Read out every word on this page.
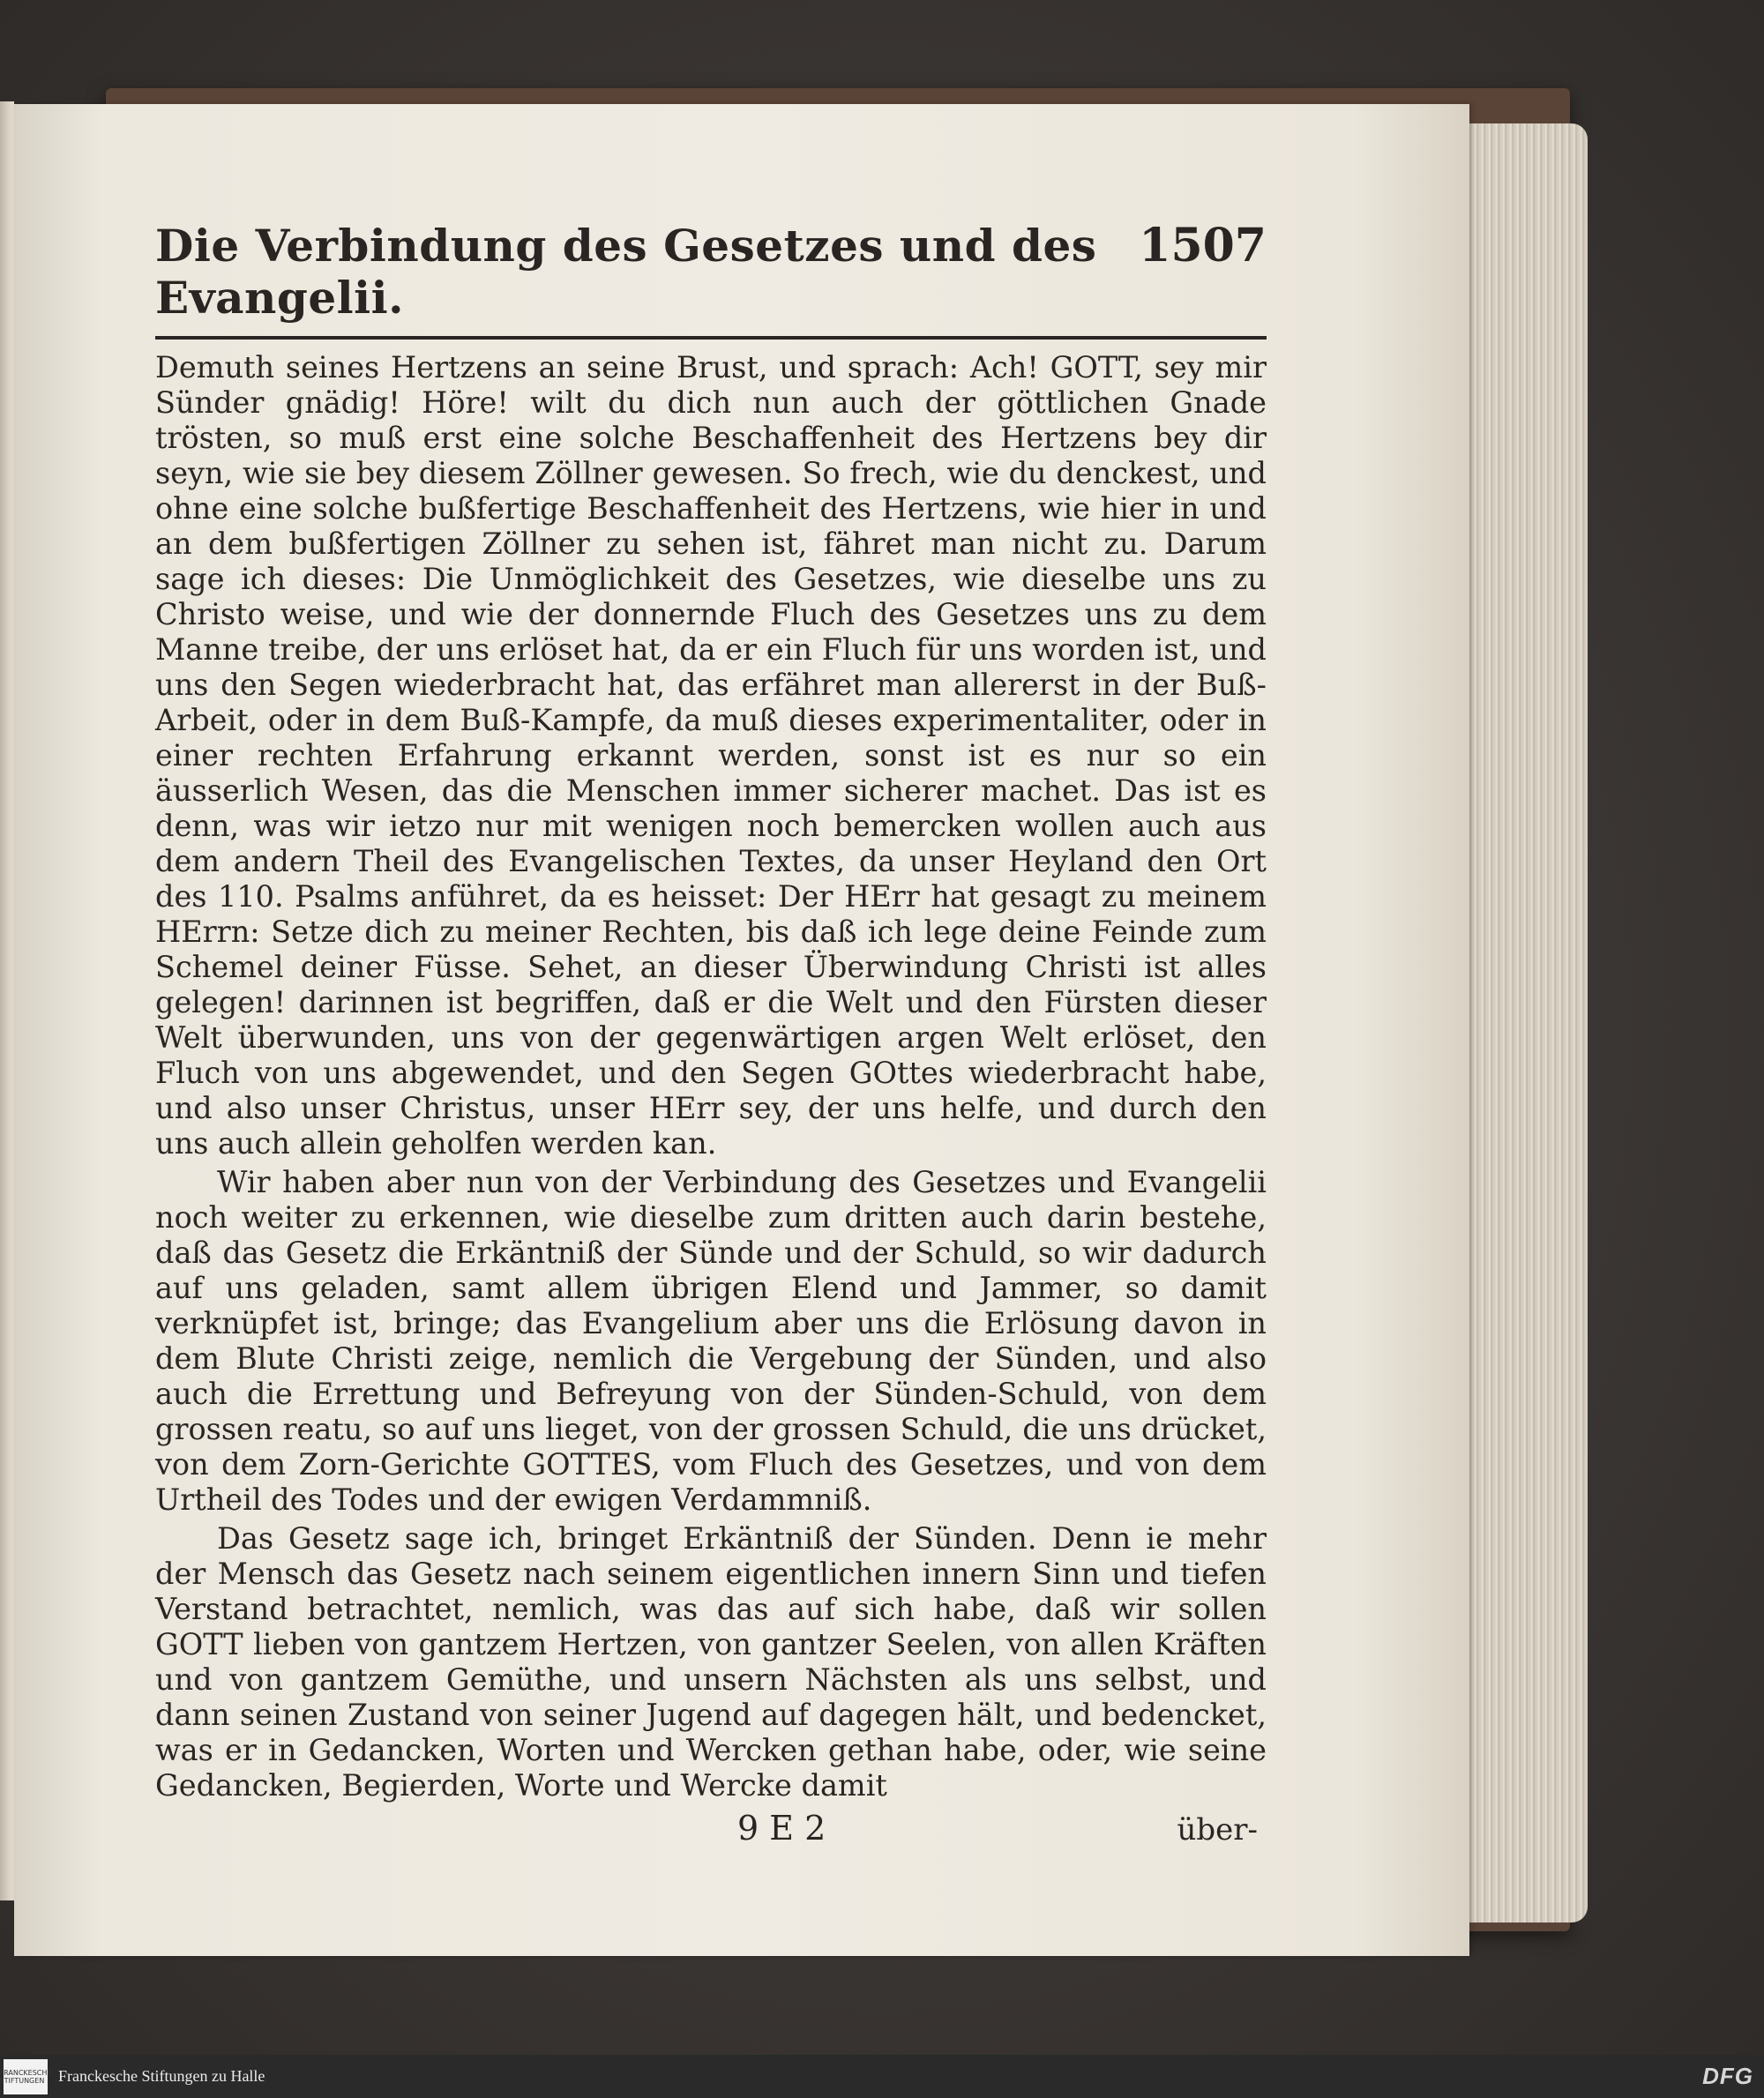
Die Verbindung des Gesetzes und des Evangelii.
1507

Demuth seines Hertzens an seine Brust, und sprach: Ach! GOTT, sey mir Sünder gnädig! Höre! wilt du dich nun auch der göttlichen Gnade trösten, so muß erst eine solche Beschaffenheit des Hertzens bey dir seyn, wie sie bey diesem Zöllner gewesen. So frech, wie du denckest, und ohne eine solche bußfertige Beschaffenheit des Hertzens, wie hier in und an dem bußfertigen Zöllner zu sehen ist, fähret man nicht zu. Darum sage ich dieses: Die Unmöglichkeit des Gesetzes, wie dieselbe uns zu Christo weise, und wie der donnernde Fluch des Gesetzes uns zu dem Manne treibe, der uns erlöset hat, da er ein Fluch für uns worden ist, und uns den Segen wiederbracht hat, das erfähret man allererst in der Buß-Arbeit, oder in dem Buß-Kampfe, da muß dieses experimentaliter, oder in einer rechten Erfahrung erkannt werden, sonst ist es nur so ein äusserlich Wesen, das die Menschen immer sicherer machet. Das ist es denn, was wir ietzo nur mit wenigen noch bemercken wollen auch aus dem andern Theil des Evangelischen Textes, da unser Heyland den Ort des 110. Psalms anführet, da es heisset: Der HErr hat gesagt zu meinem HErrn: Setze dich zu meiner Rechten, bis daß ich lege deine Feinde zum Schemel deiner Füsse. Sehet, an dieser Überwindung Christi ist alles gelegen! darinnen ist begriffen, daß er die Welt und den Fürsten dieser Welt überwunden, uns von der gegenwärtigen argen Welt erlöset, den Fluch von uns abgewendet, und den Segen GOttes wiederbracht habe, und also unser Christus, unser HErr sey, der uns helfe, und durch den uns auch allein geholfen werden kan.

Wir haben aber nun von der Verbindung des Gesetzes und Evangelii noch weiter zu erkennen, wie dieselbe zum dritten auch darin bestehe, daß das Gesetz die Erkäntniß der Sünde und der Schuld, so wir dadurch auf uns geladen, samt allem übrigen Elend und Jammer, so damit verknüpfet ist, bringe; das Evangelium aber uns die Erlösung davon in dem Blute Christi zeige, nemlich die Vergebung der Sünden, und also auch die Errettung und Befreyung von der Sünden-Schuld, von dem grossen reatu, so auf uns lieget, von der grossen Schuld, die uns drücket, von dem Zorn-Gerichte GOTTES, vom Fluch des Gesetzes, und von dem Urtheil des Todes und der ewigen Verdammniß.

Das Gesetz sage ich, bringet Erkäntniß der Sünden. Denn ie mehr der Mensch das Gesetz nach seinem eigentlichen innern Sinn und tiefen Verstand betrachtet, nemlich, was das auf sich habe, daß wir sollen GOTT lieben von gantzem Hertzen, von gantzer Seelen, von allen Kräften und von gantzem Gemüthe, und unsern Nächsten als uns selbst, und dann seinen Zustand von seiner Jugend auf dagegen hält, und bedencket, was er in Gedancken, Worten und Wercken gethan habe, oder, wie seine Gedancken, Begierden, Worte und Wercke damit

9 E 2	über-
FRANCKESCHE STIFTUNGEN Franckesche Stiftungen zu Halle	DFG
